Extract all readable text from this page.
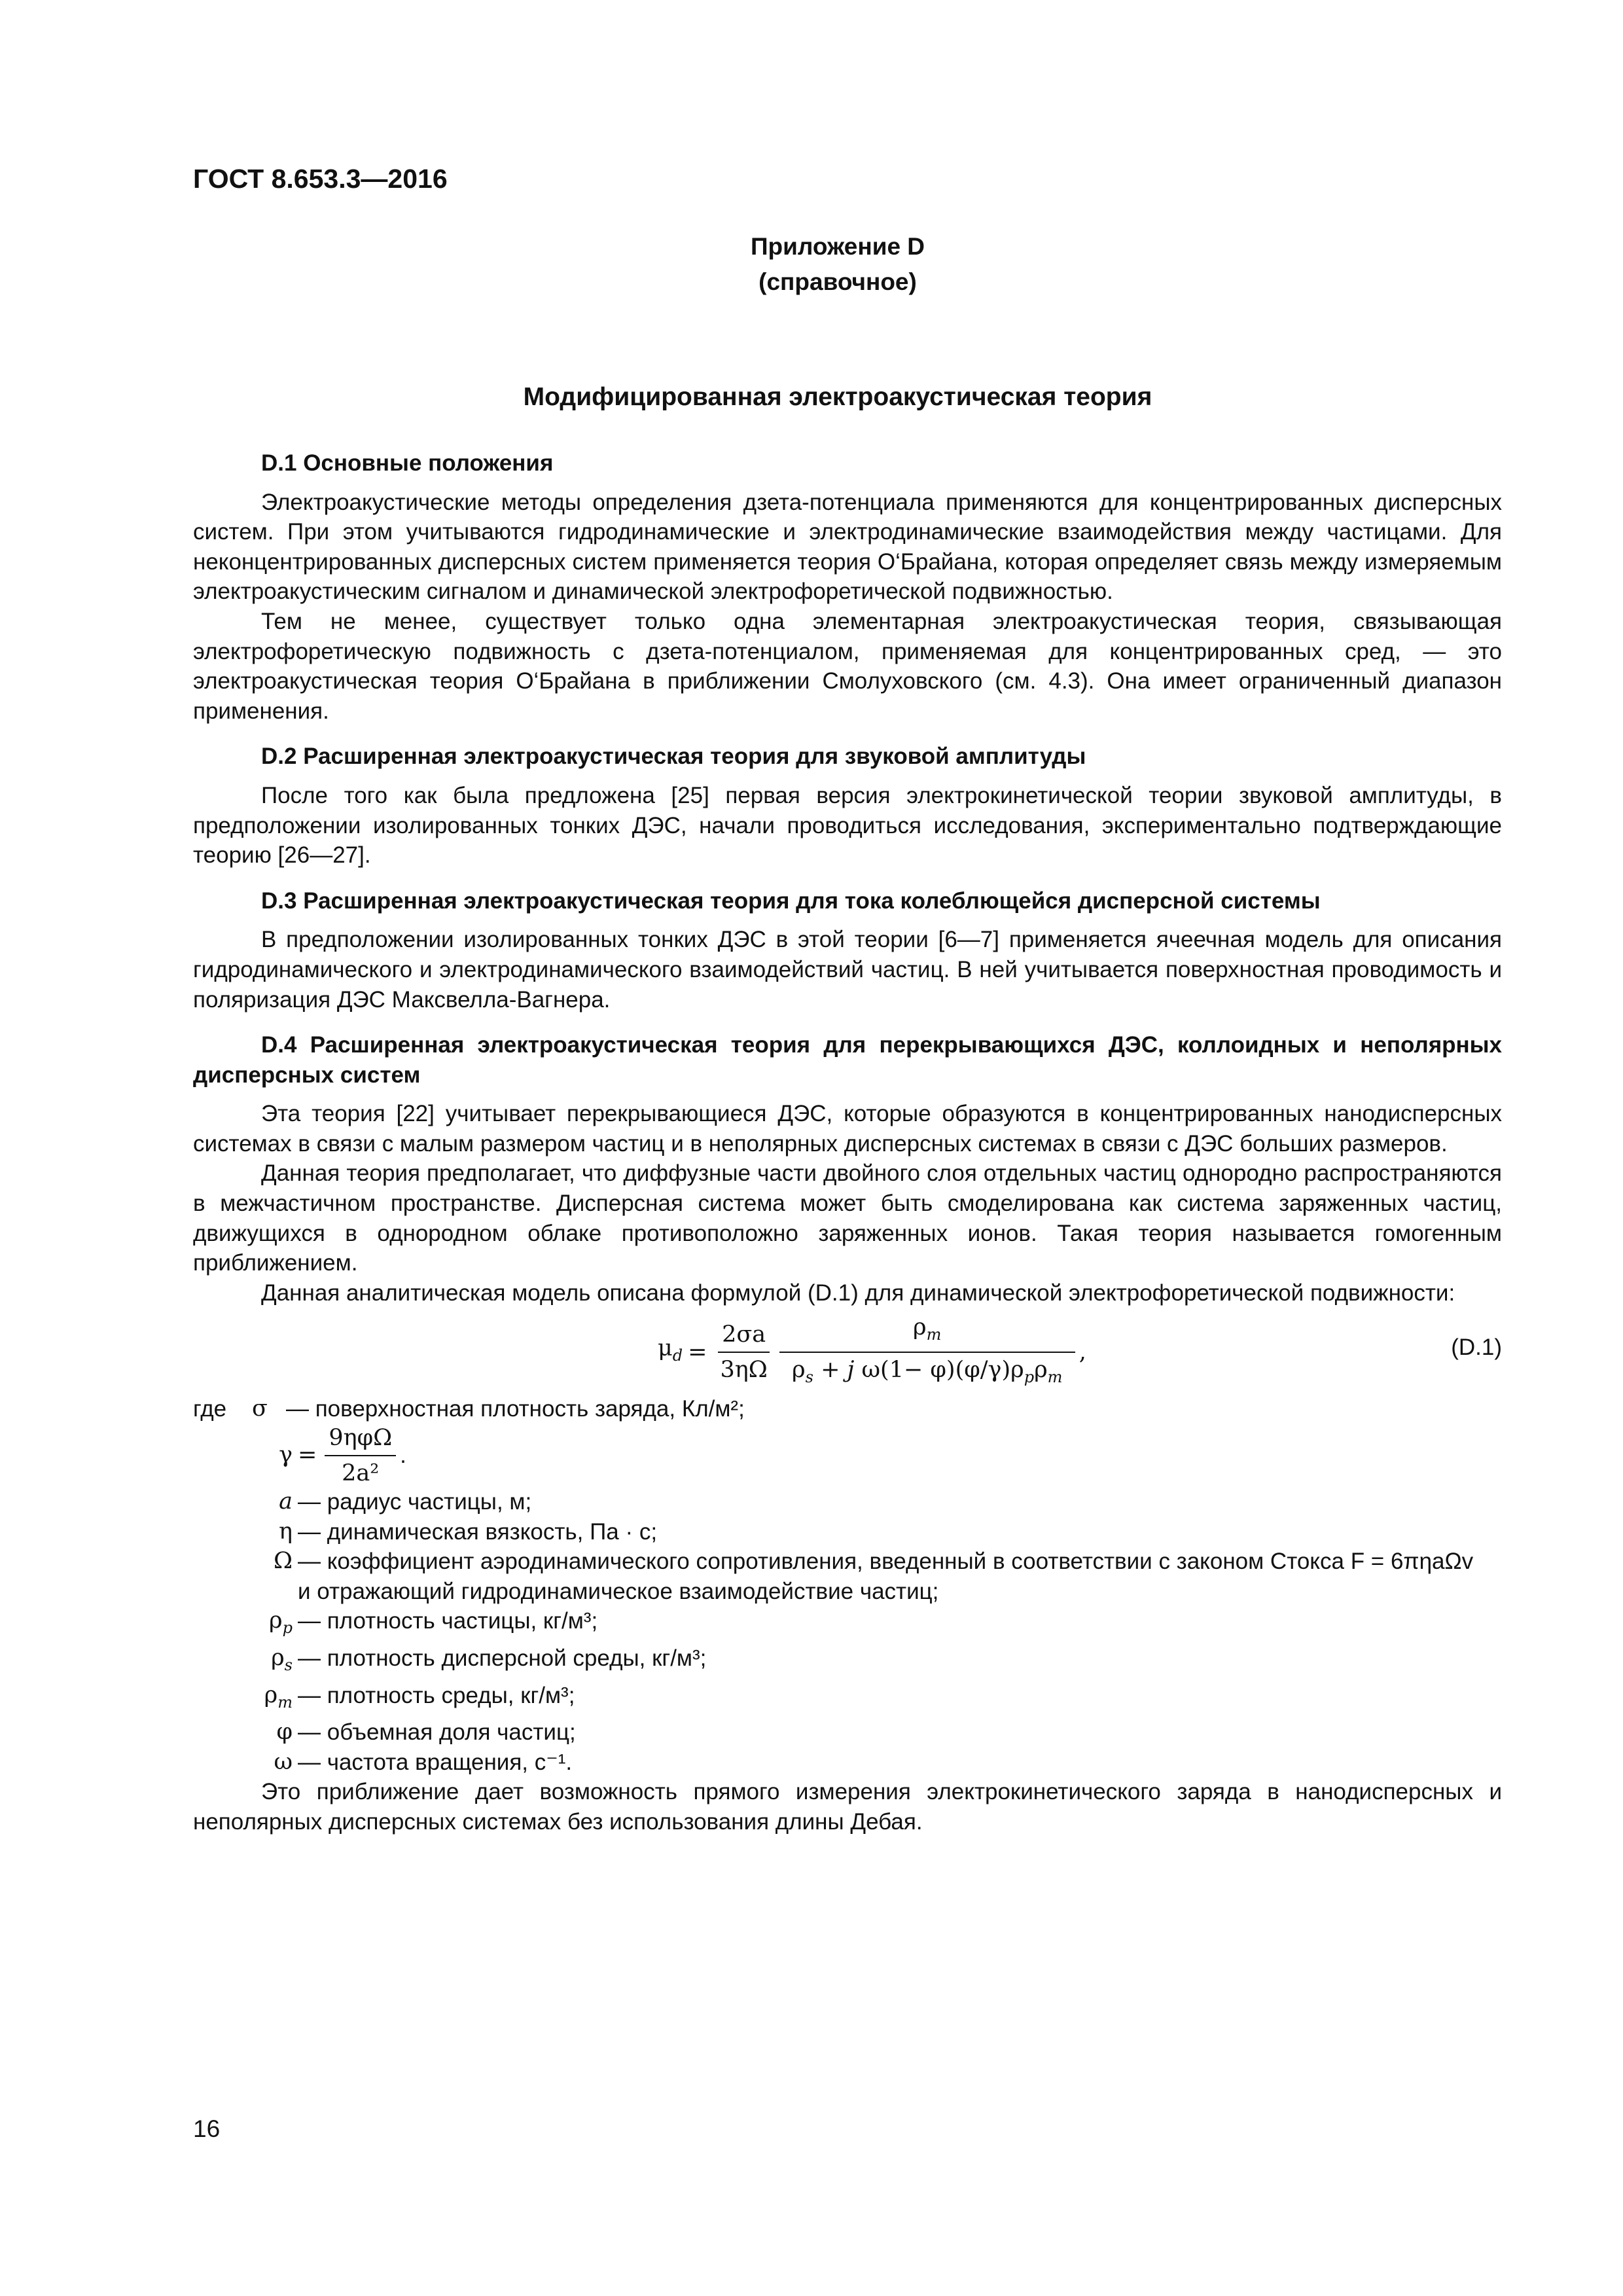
ГОСТ 8.653.3—2016
Приложение D
(справочное)
Модифицированная электроакустическая теория
D.1 Основные положения

Электроакустические методы определения дзета-потенциала применяются для концентрированных дисперсных систем. При этом учитываются гидродинамические и электродинамические взаимодействия между частицами. Для неконцентрированных дисперсных систем применяется теория О‘Брайана, которая определяет связь между измеряемым электроакустическим сигналом и динамической электрофоретической подвижностью.

Тем не менее, существует только одна элементарная электроакустическая теория, связывающая электрофоретическую подвижность с дзета-потенциалом, применяемая для концентрированных сред, — это электроакустическая теория О‘Брайана в приближении Смолуховского (см. 4.3). Она имеет ограниченный диапазон применения.

D.2 Расширенная электроакустическая теория для звуковой амплитуды

После того как была предложена [25] первая версия электрокинетической теории звуковой амплитуды, в предположении изолированных тонких ДЭС, начали проводиться исследования, экспериментально подтверждающие теорию [26—27].

D.3 Расширенная электроакустическая теория для тока колеблющейся дисперсной системы

В предположении изолированных тонких ДЭС в этой теории [6—7] применяется ячеечная модель для описания гидродинамического и электродинамического взаимодействий частиц. В ней учитывается поверхностная проводимость и поляризация ДЭС Максвелла-Вагнера.

D.4 Расширенная электроакустическая теория для перекрывающихся ДЭС, коллоидных и неполярных дисперсных систем

Эта теория [22] учитывает перекрывающиеся ДЭС, которые образуются в концентрированных нанодисперсных системах в связи с малым размером частиц и в неполярных дисперсных системах в связи с ДЭС больших размеров.

Данная теория предполагает, что диффузные части двойного слоя отдельных частиц однородно распространяются в межчастичном пространстве. Дисперсная система может быть смоделирована как система заряженных частиц, движущихся в однородном облаке противоположно заряженных ионов. Такая теория называется гомогенным приближением.

Данная аналитическая модель описана формулой (D.1) для динамической электрофоретической подвижности:

$\mu_d = \frac{2\sigma a}{3\eta\Omega} \frac{\rho_m}{\rho_s + j \omega(1- \varphi)(\varphi/\gamma)\rho_p\rho_m}$ ,	(D.1)
где	σ — поверхностная плотность заряда, Кл/м²;
$\gamma = \frac{\text{9ηφΩ}}{\text{2a²}}$ .
a — радиус частицы, м;
η — динамическая вязкость, Па · с;
Ω — коэффициент аэродинамического сопротивления, введенный в соответствии с законом Стокса F = 6πηaΩv
и отражающий гидродинамическое взаимодействие частиц;
$\rho_p$ — плотность частицы, кг/м³;
$\rho_s$ — плотность дисперсной среды, кг/м³;
$\rho_m$ — плотность среды, кг/м³;
φ — объемная доля частиц;
ω — частота вращения, с⁻¹.

Это приближение дает возможность прямого измерения электрокинетического заряда в нанодисперсных и неполярных дисперсных системах без использования длины Дебая.

16
